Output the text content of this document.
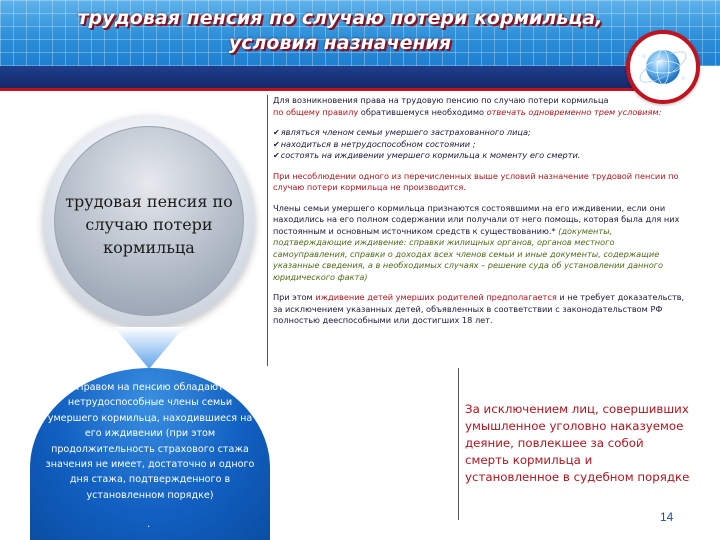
трудовая пенсия по случаю потери кормильца, условия назначения
трудовая пенсия по случаю потери кормильца
Правом на пенсию обладают нетрудоспособные члены семьи умершего кормильца, находившиеся на его иждивении (при этом продолжительность страхового стажа значения не имеет, достаточно и одного дня стажа, подтвержденного в установленном порядке)
.

Для возникновения права на трудовую пенсию по случаю потери кормильца

по общему правилу обратившемуся необходимо отвечать одновременно трем условиям:

✔являться членом семьи умершего застрахованного лица;

✔находиться в нетрудоспособном состоянии ;

✔состоять на иждивении умершего кормильца к моменту его смерти.

При несоблюдении одного из перечисленных выше условий назначение трудовой пенсии по случаю потери кормильца не производится.

Члены семьи умершего кормильца признаются состоявшими на его иждивении, если они находились на его полном содержании или получали от него помощь, которая была для них постоянным и основным источником средств к существованию.* (документы, подтверждающие иждивение: справки жилищных органов, органов местного самоуправления, справки о доходах всех членов семьи и иные документы, содержащие указанные сведения, а в необходимых случаях – решение суда об установлении данного юридического факта)

При этом иждивение детей умерших родителей предполагается и не требует доказательств, за исключением указанных детей, объявленных в соответствии с законодательством РФ полностью дееспособными или достигших 18 лет.

За исключением лиц, совершивших умышленное уголовно наказуемое деяние, повлекшее за собой смерть кормильца и установленное в судебном порядке
14
